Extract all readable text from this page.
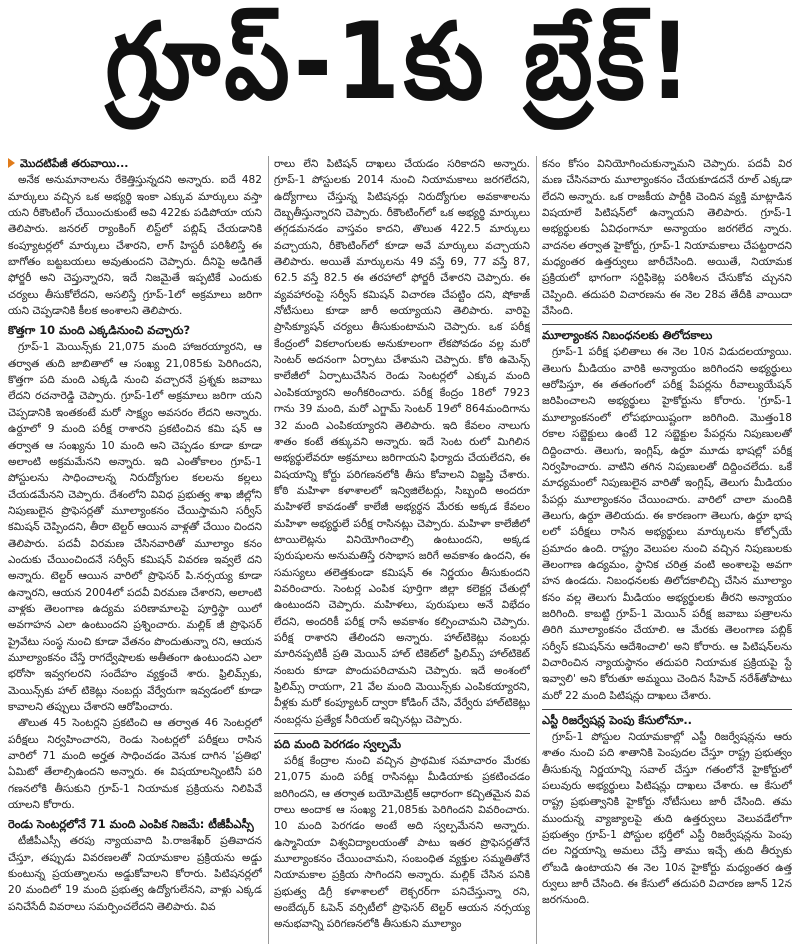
గ్రూప్‌-1కు బ్రేక్‌!
మొదటిపేజీ తరువాయి...

అనేక అనుమానాలను రేకెత్తిస్తున్నదని అన్నారు. ఐదే 482 మార్కులు వచ్చిన ఒక అభ్యర్థి ఇంకా ఎక్కువ మార్కులు వస్తా యని రీకౌంటింగ్‌ చేయించుకుంటే అవి 422కు పడిపోయా యని తెలిపారు. జనరల్‌ ర్యాంకింగ్‌ లిస్ట్‌లో పబ్లిష్‌ చేయడానికి కంప్యూటర్లలో మార్కులు చేశారని, లాగ్‌ హిస్టరీ పరిశీలిస్తే ఈ బాగోతం బట్టబయలు అవుతుందని చెప్పారు. దీనిపై అడిగితే ఫోర్జరీ అని చెప్తున్నారని, ఇదే నిజమైతే ఇప్పటికే ఎందుకు చర్యలు తీసుకోలేదని, అసలిస్తే గ్రూప్‌-1లో అక్రమాలు జరిగా యని చెప్పడానికి కీలక అంశాలని తెలిపారు.

కొత్తగా 10 మంది ఎక్కడినుంచి వచ్చారు?

గ్రూప్‌-1 మెయిన్స్‌కు 21,075 మంది హాజరయ్యారని, ఆ తర్వాత తుది జాబితాలో ఆ సంఖ్య 21,085కు పెరిగిందని, కొత్తగా పది మంది ఎక్కడి నుంచి వచ్చారనే ప్రశ్నకు జవాబు లేదని రచనారెడ్డి చెప్పారు. గ్రూప్‌-1లో అక్రమాలు జరిగా యని చెప్పడానికి ఇంతకంటే మరో సాక్ష్యం అవసరం లేదని అన్నారు. ఉర్దూలో 9 మంది పరీక్ష రాశారని ప్రకటించిన కమి షన్‌ ఆ తర్వాత ఆ సంఖ్యను 10 మంది అని చెప్పడం కూడా కూడా అలాంటి అక్రమమేనని అన్నారు. ఇది ఎంతోకాలం గ్రూప్‌-1 పోస్టులను సాధించాలన్న నిరుద్యోగుల కలలను కల్లలు చేయడమేనని చెప్పారు. దేశంలోని వివిధ ప్రభుత్వ శాఖ జీల్లోని నిపుణులైన ప్రొఫెసర్లతో మూల్యాంకనం చేయిస్తామని సర్వీస్‌ కమిషన్‌ చెప్పిందని, తీరా టెల్టర్‌ ఆయిన వాళ్లతో చేయిం చిందని తెలిపారు. పదవీ విరమణ చేసినవారితో మూల్యాం కనం ఎందుకు చేయించిందనే సర్వీస్‌ కమిషన్‌ వివరణ ఇవ్వలే దని అన్నారు. టెల్టర్‌ ఆయిన వారిలో ప్రొఫెసర్‌ పి.నర్సయ్య కూడా ఉన్నారని, ఆయన 2004లో పదవీ విరమణ చేశారని, అలాంటి వాళ్లకు తెలంగాణ ఉద్యమ పరిణామాలపై పూర్తిస్థా యిలో అవగాహన ఎలా ఉంటుందని ప్రశ్నించారు. మల్లిక్‌ జీ ప్రొఫెసర్‌ ప్రైవేటు సంస్థ నుంచి కూడా వేతనం పొందుతున్నా రని, ఆయన మూల్యాంకనం చేస్తే రాగద్వేషాలకు అతీతంగా ఉంటుందని ఎలా భరోసా ఇవ్వగలరని సందేహం వ్యక్తంచే శారు. ఫ్రిలిమ్స్‌కు, మెయిన్స్‌కు హాల్‌ టికెట్లు నంబర్లు వేర్వేరుగా ఇవ్వడంలో కూడా కావాలని తప్పులు చేశారని ఆరోపించారు.

తొలుత 45 సెంటర్లని ప్రకటించి ఆ తర్వాత 46 సెంటర్లలో పరీక్షలు నిర్వహించారని, రెండు సెంటర్లలో పరీక్షలు రాసిన వారిలో 71 మంది అర్హత సాధించడం వెనుక దాగిన 'ప్రతిభ' ఏమిటో తేలాల్సిఉందని అన్నారు. ఈ విషయాలన్నింటినీ పరి గణనలోకి తీసుకుని గ్రూప్‌-1 నియామక ప్రక్రియను నిలిపివే యాలని కోరారు.

రెండు సెంటర్లలోనే 71 మంది ఎంపిక నిజమే: టీజీపీఎస్సీ

టీజీపీఎస్సీ తరపు న్యాయవాది పి.రాజశేఖర్‌ ప్రతివాదన చేస్తూ, తప్పుడు వివరణలతో నియామకాల ప్రక్రియను అడ్డు కుంటున్న ప్రయత్నాలను అడ్డుకోవాలని కోరారు. పిటిషనర్లలో 20 మందిలో 19 మంది ప్రభుత్వ ఉద్యోగులేనని, వాళ్లు ఎక్కడ పనిచేసేదీ వివరాలు సమర్పించలేదని తెలిపారు. వివ

రాలు లేని పిటిషన్‌ దాఖలు చేయడం సరికాదని అన్నారు. గ్రూప్‌-1 పోస్టులకు 2014 నుంచి నియామకాలు జరగలేదని, ఉద్యోగాలు చేస్తున్న పిటిషనర్లు నిరుద్యోగుల అవకాశాలను దెబ్బతీస్తున్నారని చెప్పారు. రీకౌంటింగ్‌లో ఒక అభ్యర్థి మార్కులు తగ్గడమనడం వాస్తవం కాదని, తొలుత 422.5 మార్కులు వచ్చాయని, రీకౌంటింగ్‌లో కూడా అవే మార్కులు వచ్చాయని తెలిపారు. అయితే మార్కులను 49 వస్తే 69, 77 వస్తే 87, 62.5 వస్తే 82.5 ఈ తరహాలో ఫోర్జరీ చేశారని చెప్పారు. ఈ వ్యవహారంపై సర్వీస్‌ కమిషన్‌ విచారణ చేపట్టిం దని, షోకాజ్‌ నోటీసులు కూడా జారీ అయ్యాయని తెలిపారు. వారిపై ప్రాసిక్యూషన్‌ చర్యలు తీసుకుంటామని చెప్పారు. ఒక పరీక్ష కేంద్రంలో వికలాంగులకు అనుకూలంగా లేకపోవడం వల్ల మరో సెంటర్‌ అదనంగా ఏర్పాటు చేశామని చెప్పారు. కోఠి ఉమెన్స్‌ కాలేజీలో ఏర్పాటుచేసిన రెండు సెంటర్లలో ఎక్కువ మంది ఎంపికయ్యారని అంగీకరించారు. పరీక్ష కేంద్రం 18లో 7923 గాను 39 మంది, మరో ఎగ్జామ్‌ సెంటర్‌ 19లో 864మందిగాను 32 మంది ఎంపికయ్యారని తెలిపారు. ఇది కేవలం నాలుగు శాతం కంటే తక్కువని అన్నారు. ఇదే సెంట రులో మిగిలిన అభ్యర్థులేవరూ అక్రమాలు జరిగాయని ఫిర్యాదు చేయలేదని, ఈ విషయాన్ని కోర్టు పరిగణనలోకి తీసు కోవాలని విజ్ఞప్తి చేశారు. కోఠి మహిళా కళాశాలలో ఇన్విజిలేటర్లు, సిబ్బంది అందరూ మహిళలే కావడంతో కాలేజీ అభ్యర్థన మేరకు అక్కడ కేవలం మహిళా అభ్యర్థులే పరీక్ష రాసినట్లు చెప్పారు. మహిళా కాలేజీలో టాయిలెట్లను వినియోగించాల్సి ఉంటుందని, అక్కడ పురుషులను అనుమతిస్తే రసాభాస జరిగే అవకాశం ఉందని, ఈ సమస్యలు తలెత్తకుండా కమిషన్‌ ఈ నిర్ణయం తీసుకుందని వివరించారు. సెంటర్ల ఎంపిక పూర్తిగా జిల్లా కలెక్టర్ల చేతుల్లో ఉంటుందని చెప్పారు. మహిళలు, పురుషులు అనే విభేదం లేదని, అందరికీ పరీక్ష రాసే అవకాశం కల్పించామని చెప్పారు. పరీక్ష రాశారని తేలిందని అన్నారు. హాల్‌టికెట్లు నంబర్లు మారినప్పటికీ ప్రతి మెయిన్‌ హాల్‌ టికెట్‌లో ఫ్రిలిమ్స్‌ హాల్‌టికెట్‌ నంబరు కూడా పొందుపరిచామని చెప్పారు. ఇదే అంశంలో ఫ్రిలిమ్స్‌ రాయగా, 21 వేల మంది మెయిన్స్‌కు ఎంపికయ్యారని, వీళ్లకు మరో కంప్యూటర్‌ ద్వారా కోడింగ్‌ చేసి, వేర్వేరు హాల్‌టికెట్లు నంబర్లను ప్రత్యేక సీరియల్‌ ఇచ్చినట్లు చెప్పారు.

పది మంది పెరగడం స్వల్పమే

పరీక్ష కేంద్రాల నుంచి వచ్చిన ప్రాథమిక సమాచారం మేరకు 21,075 మంది పరీక్ష రాసినట్లు మీడియాకు ప్రకటించడం జరిగిందని, ఆ తర్వాత బయోమెట్రిక్‌ ఆధారంగా కచ్చితమైన వివ రాలు అందాక ఆ సంఖ్య 21,085కు పెరిగిందని వివరించారు. 10 మంది పెరగడం అంటే అది స్వల్పమేనని అన్నారు. ఉస్మానియా విశ్వవిద్యాలయంతో పాటు ఇతర ప్రొఫెసర్లతోనే మూల్యాంకనం చేయించామని, సంబంధిత వ్యక్తుల సమ్మతితోనే నియామకాల ప్రక్రియ సాగిందని అన్నారు. మల్లిక్‌ చేసిన పనికి ప్రభుత్వ డిగ్రీ కళాశాలలో లెక్చరర్‌గా పనిచేస్తున్నా రని, అంబేద్కర్‌ ఓపెన్‌ వర్సిటీలో ప్రొఫెసర్‌ టెల్టర్‌ ఆయన నర్సయ్య అనుభవాన్ని పరిగణనలోకి తీసుకుని మూల్యాం

కనం కోసం వినియోగించుకున్నామని చెప్పారు. పదవీ విర మణ చేసినవారు మూల్యాంకనం చేయకూడదనే రూల్‌ ఎక్కడా లేదని అన్నారు. ఒక రాజకీయ పార్టీకి చెందిన వ్యక్తి మాట్లాడిన విషయాలే పిటిషన్‌లో ఉన్నాయని తెలిపారు. గ్రూప్‌-1 అభ్యర్థులకు ఏవిధంగానూ అన్యాయం జరగలేద న్నారు. వాదనల తర్వాత హైకోర్టు, గ్రూప్‌-1 నియామకాలు చేపట్టరాదని మధ్యంతర ఉత్తర్వులు జారీచేసింది. అయితే, నియామక ప్రక్రియలో భాగంగా సర్టిఫికెట్ల పరిశీలన చేసుకోవ చ్చునని చెప్పింది. తదుపరి విచారణను ఈ నెల 28వ తేదీకి వాయిదా వేసింది.

మూల్యాంకన నిబంధనలకు తిలోదకాలు

గ్రూప్‌-1 పరీక్ష ఫలితాలు ఈ నెల 10న విడుదలయ్యాయి. తెలుగు మీడియం వారికి అన్యాయం జరిగిందని అభ్యర్థులు ఆరోపిస్తూ, ఈ తతంగంలో పరీక్ష పేపర్లను రీవాల్యుయేషన్‌ జరిపించాలని అభ్యర్థులు హైకోర్టును కోరారు. 'గ్రూప్‌-1 మూల్యాంకనంలో లోపభూయిష్టంగా జరిగింది. మొత్తం18 రకాల సబ్జెక్టులు ఉంటే 12 సబ్జెక్టుల పేపర్లను నిపుణులతో దిద్దించారు. తెలుగు, ఇంగ్లిష్‌, ఉర్దూ మూడు భాషల్లో పరీక్ష నిర్వహించారు. వాటిని తగిన నిపుణులతో దిద్దించలేదు. ఒకే మాధ్యమంలో నిపుణులైన వారితో ఇంగ్లిష్‌, తెలుగు మీడియం పేపర్లు మూల్యాంకనం చేయించారు. వారిలో చాలా మందికి తెలుగు, ఉర్దూ తెలియదు. ఈ కారణంగా తెలుగు, ఉర్దూ భాష లలో పరీక్షలు రాసిన అభ్యర్థులు మార్కులను కోల్పోయే ప్రమాదం ఉంది. రాష్ట్రం వెలుపల నుంచి వచ్చిన నిపుణులకు తెలంగాణ ఉద్యమం, స్థానిక చరిత్ర వంటి అంశాలపై అవగా హన ఉండదు. నిబంధనలకు తిలోదకాలిచ్చి చేసిన మూల్యాం కనం వల్ల తెలుగు మీడియం అభ్యర్థులకు తీరని అన్యాయం జరిగింది. కాబట్టి గ్రూప్‌-1 మెయిన్‌ పరీక్ష జవాబు పత్రాలను తిరిగి మూల్యాంకనం చేయాలి. ఆ మేరకు తెలంగాణ పబ్లిక్‌ సర్వీస్‌ కమిషన్‌ను ఆదేశించాలి' అని కోరారు. ఆ పిటిషన్‌లను విచారించిన న్యాయస్థానం తదుపరి నియామక ప్రక్రియపై స్టే ఇవ్వాలి' అని కోరుతూ అమ్మయి చెందిన సీహెచ్‌ నరేశ్‌తోపాటు మరో 22 మంది పిటిషన్లు దాఖలు చేశారు.

ఎస్టీ రిజర్వేషన్ల పెంపు కేసులోనూ..

గ్రూప్‌-1 పోస్టుల నియామకాల్లో ఎస్టీ రిజర్వేషన్లను ఆరు శాతం నుంచి పది శాతానికి పెంపుదల చేస్తూ రాష్ట్ర ప్రభుత్వం తీసుకున్న నిర్ణయాన్ని సవాల్‌ చేస్తూ గతంలోనే హైకోర్టులో పలువురు అభ్యర్థులు పిటిషన్లు దాఖలు చేశారు. ఆ కేసులో రాష్ట్ర ప్రభుత్వానికి హైకోర్టు నోటీసులు జారీ చేసింది. తమ ముందున్న వ్యాజ్యాలపై తుది ఉత్తర్వులు వెలువడేలోగా ప్రభుత్వం గ్రూప్‌-1 పోస్టుల భర్తీలో ఎస్టీ రిజర్వేషన్లను పెంపు దల నిర్ణయాన్ని అమలు చేస్తే తాము ఇచ్చే తుది తీర్పుకు లోబడి ఉంటాయని ఈ నెల 10న హైకోర్టు మధ్యంతర ఉత్త ర్వులు జారీ చేసింది. ఈ కేసులో తదుపరి విచారణ జూన్‌ 12న జరగనుంది.
